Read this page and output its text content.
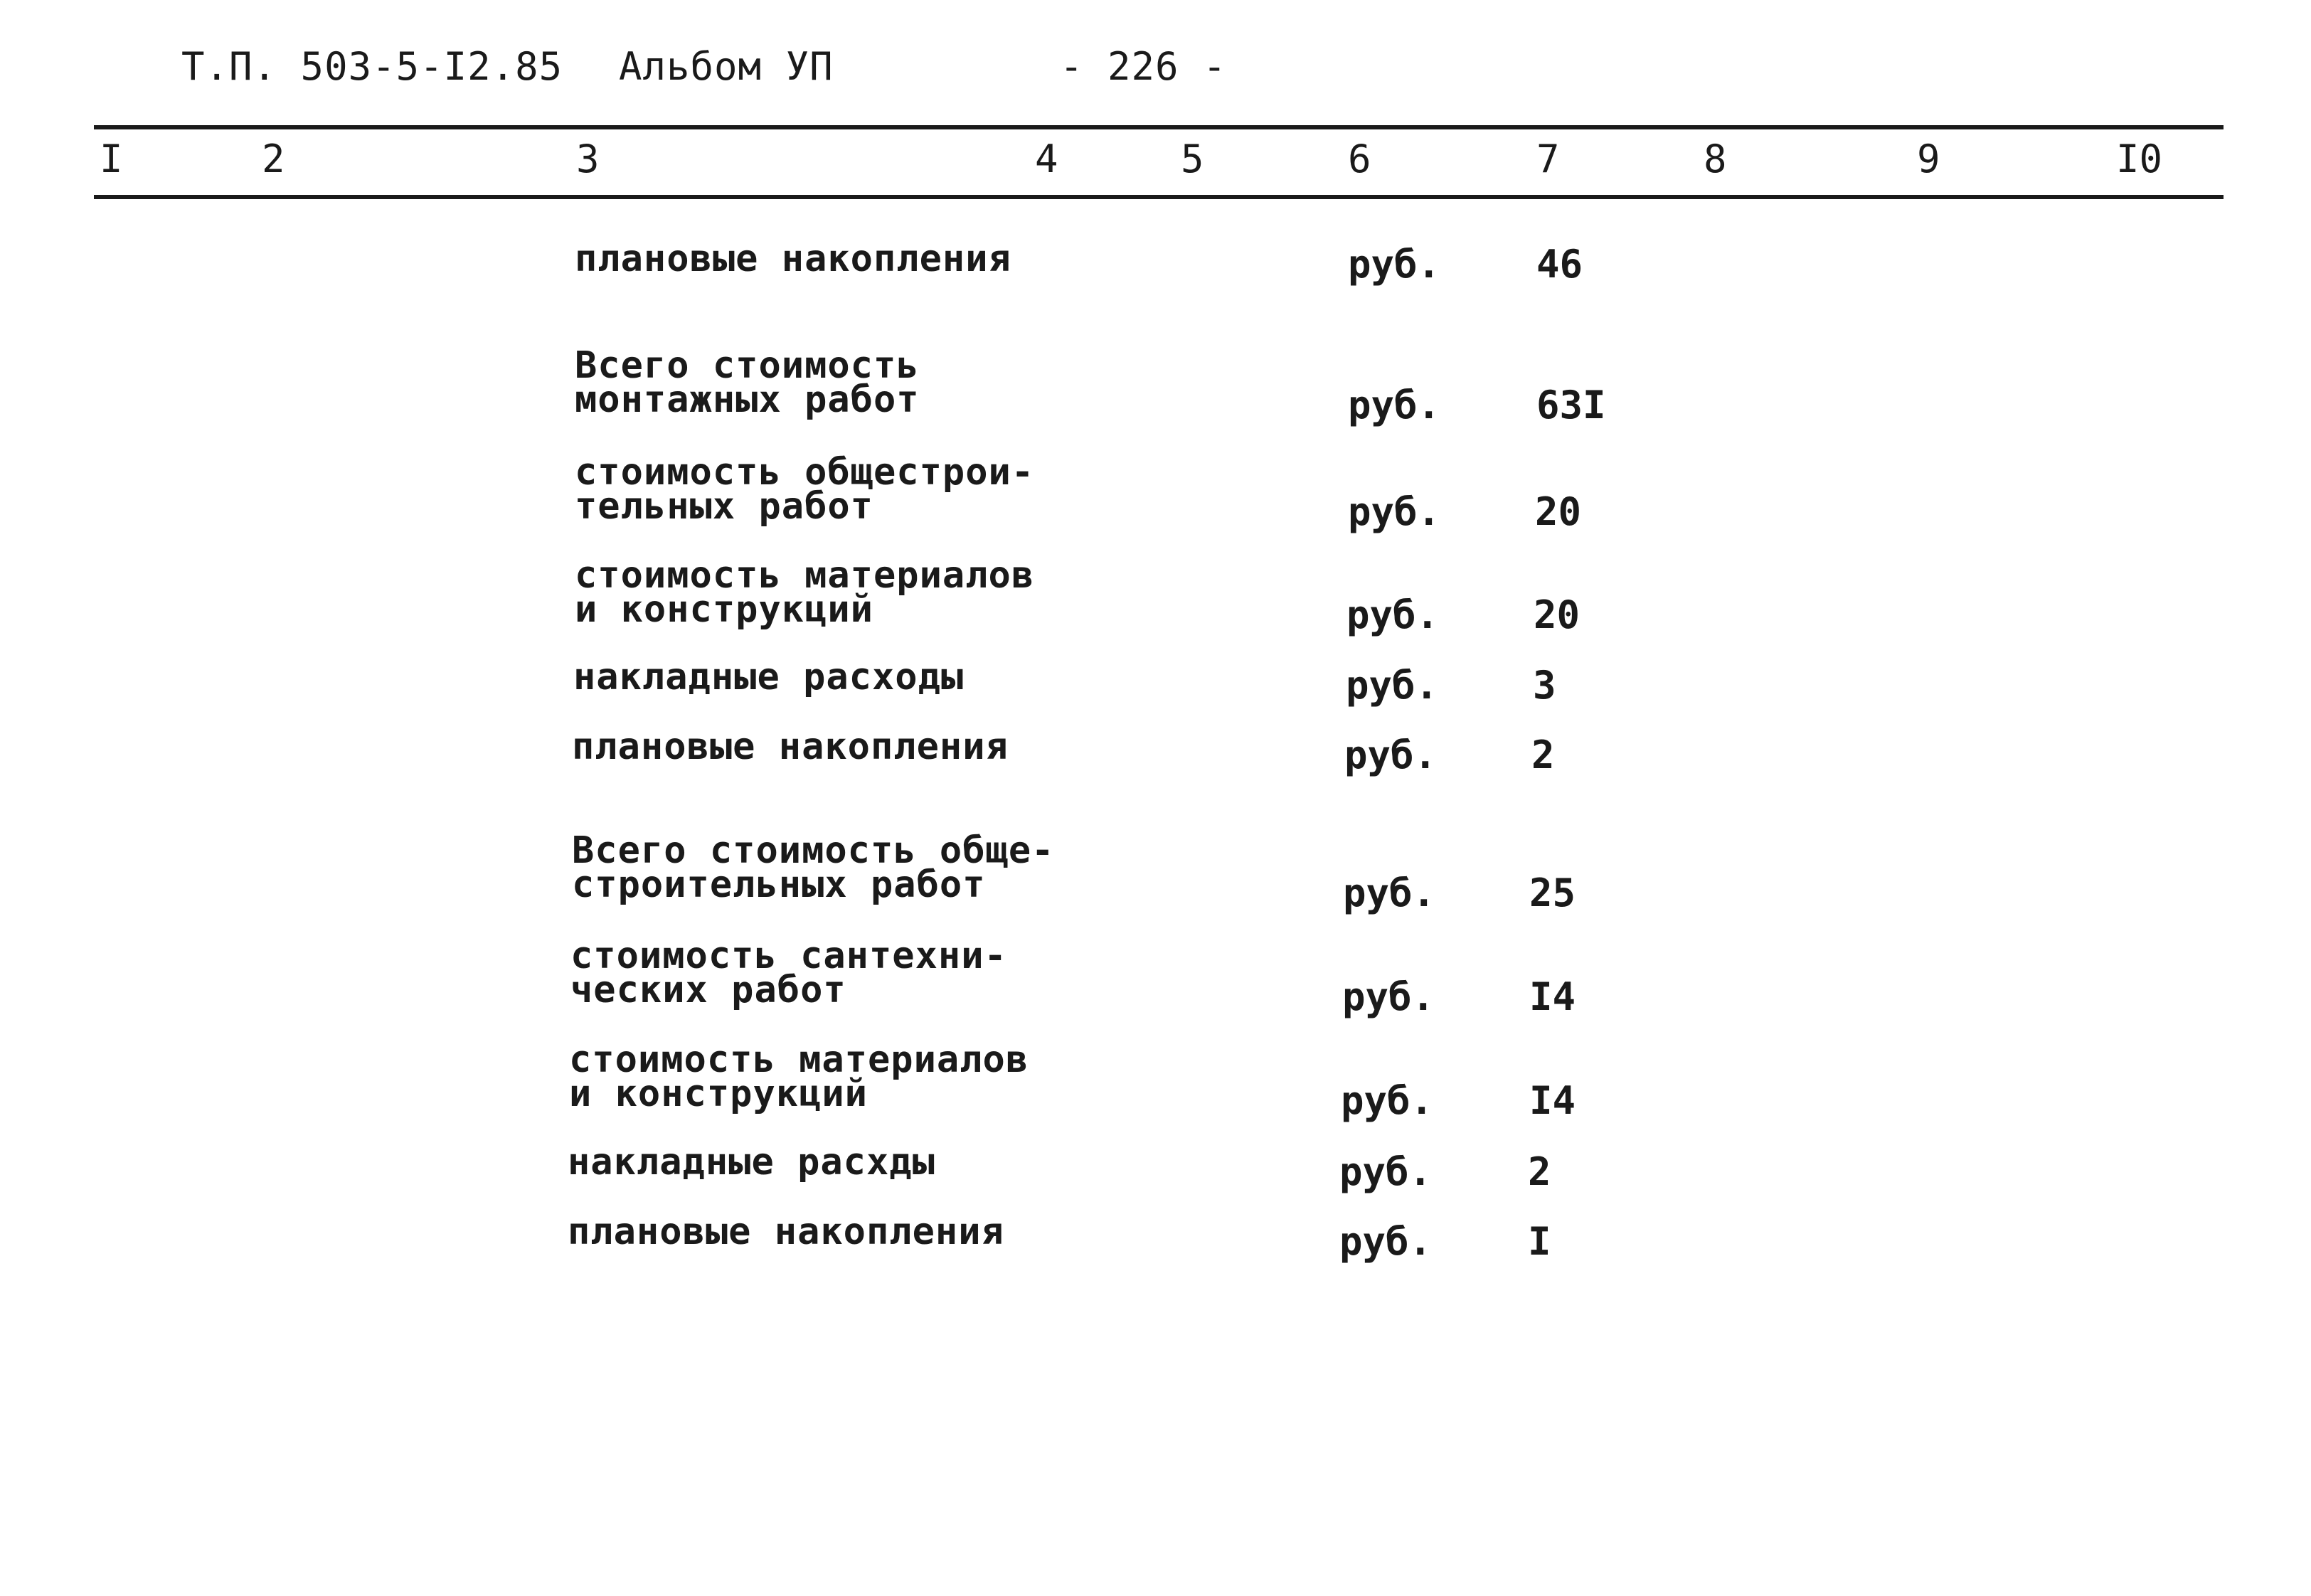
Т.П. 503-5-I2.85 Альбом УП	- 226 -
I	2	3	4	5	6	7	8	9	I0
плановые накопления	руб. 46
Всего стоимость
монтажных работ	руб. 63I
стоимость общестрои-
тельных работ	руб. 20
стоимость материалов
и конструкций	руб. 20
накладные расходы	руб. 3
плановые накопления	руб. 2
Всего стоимость обще-
строительных работ	руб. 25
стоимость сантехни-
ческих работ	руб. I4
стоимость материалов
и конструкций	руб. I4
накладные расхды	руб. 2
плановые накопления	руб. I
